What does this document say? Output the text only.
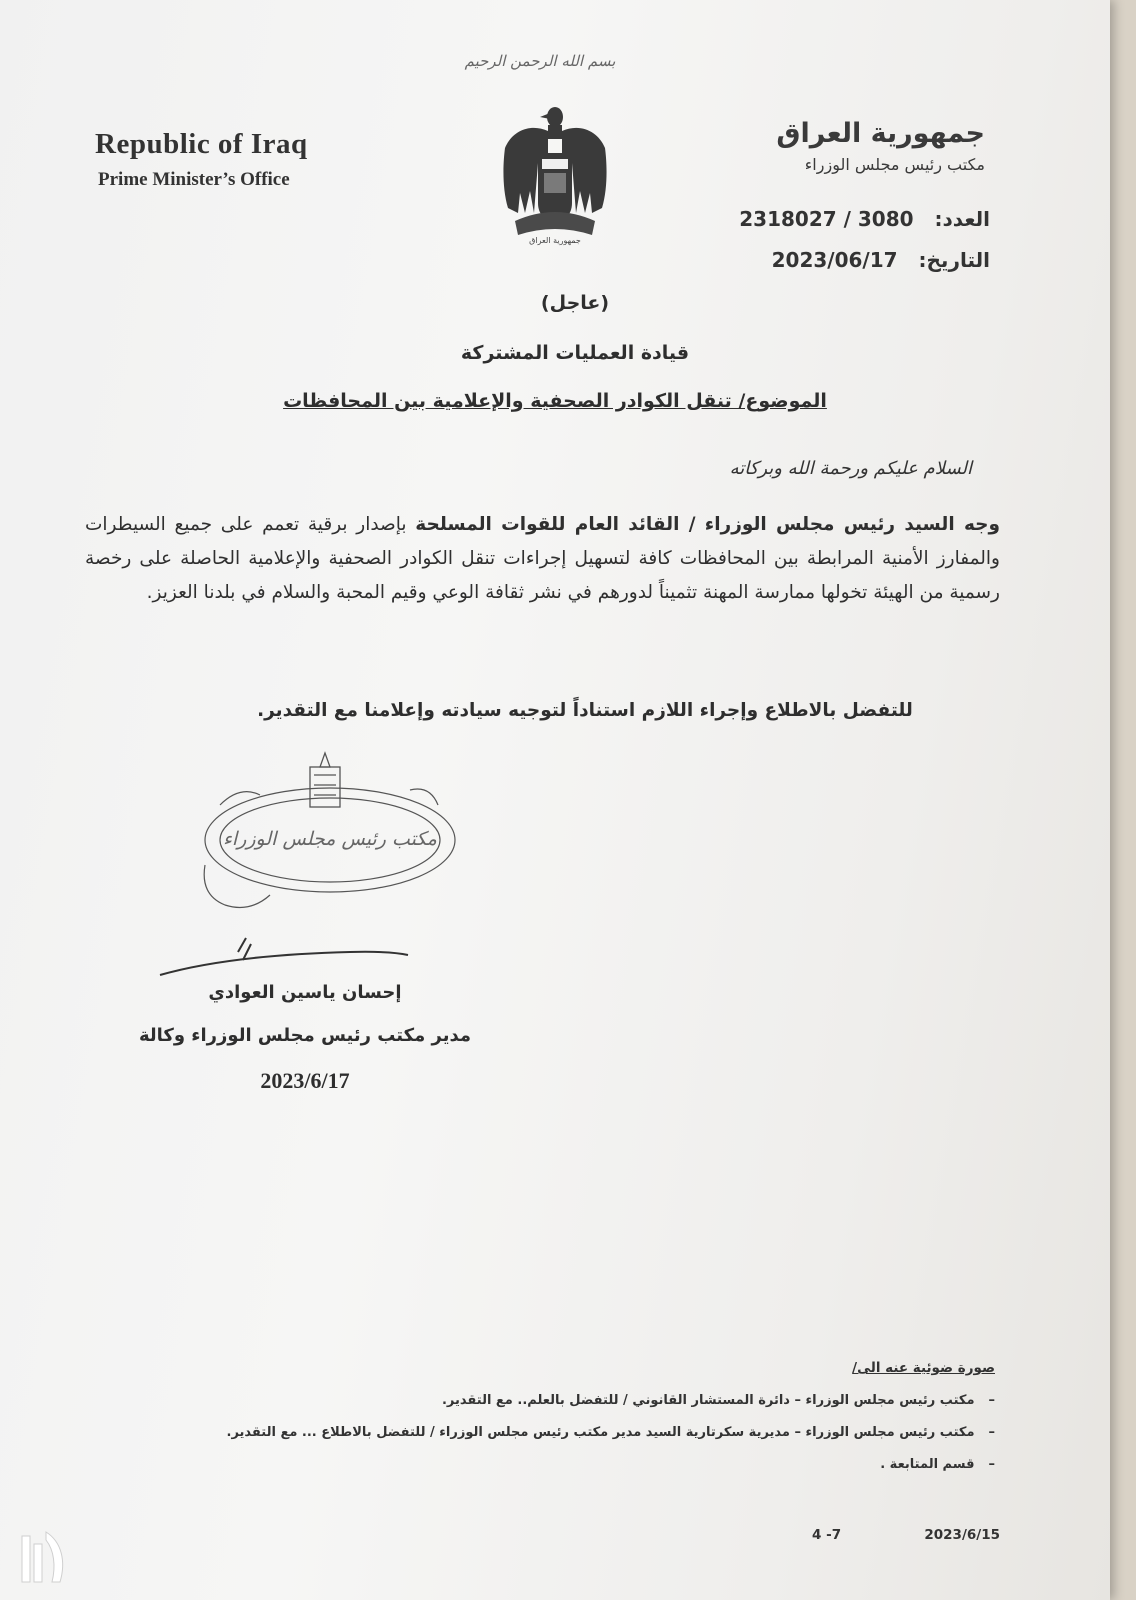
بسم الله الرحمن الرحيم
Republic of Iraq
Prime Minister’s Office
جمهورية العراق
جمهورية العراق
مكتب رئيس مجلس الوزراء
العدد: 2318027 / 3080
التاريخ: 2023/06/17
(عاجل)
قيادة العمليات المشتركة
الموضوع/ تنقل الكوادر الصحفية والإعلامية بين المحافظات
السلام عليكم ورحمة الله وبركاته
وجه السيد رئيس مجلس الوزراء / القائد العام للقوات المسلحة بإصدار برقية تعمم على جميع السيطرات والمفارز الأمنية المرابطة بين المحافظات كافة لتسهيل إجراءات تنقل الكوادر الصحفية والإعلامية الحاصلة على رخصة رسمية من الهيئة تخولها ممارسة المهنة تثميناً لدورهم في نشر ثقافة الوعي وقيم المحبة والسلام في بلدنا العزيز.
للتفضل بالاطلاع وإجراء اللازم استناداً لتوجيه سيادته وإعلامنا مع التقدير.
مكتب رئيس مجلس الوزراء
إحسان ياسين العوادي
مدير مكتب رئيس مجلس الوزراء وكالة
2023/6/17
صورة ضوئية عنه الى/
–مكتب رئيس مجلس الوزراء – دائرة المستشار القانوني / للتفضل بالعلم.. مع التقدير.
–مكتب رئيس مجلس الوزراء – مديرية سكرتارية السيد مدير مكتب رئيس مجلس الوزراء / للتفضل بالاطلاع ... مع التقدير.
–قسم المتابعة .
4 -7	2023/6/15
